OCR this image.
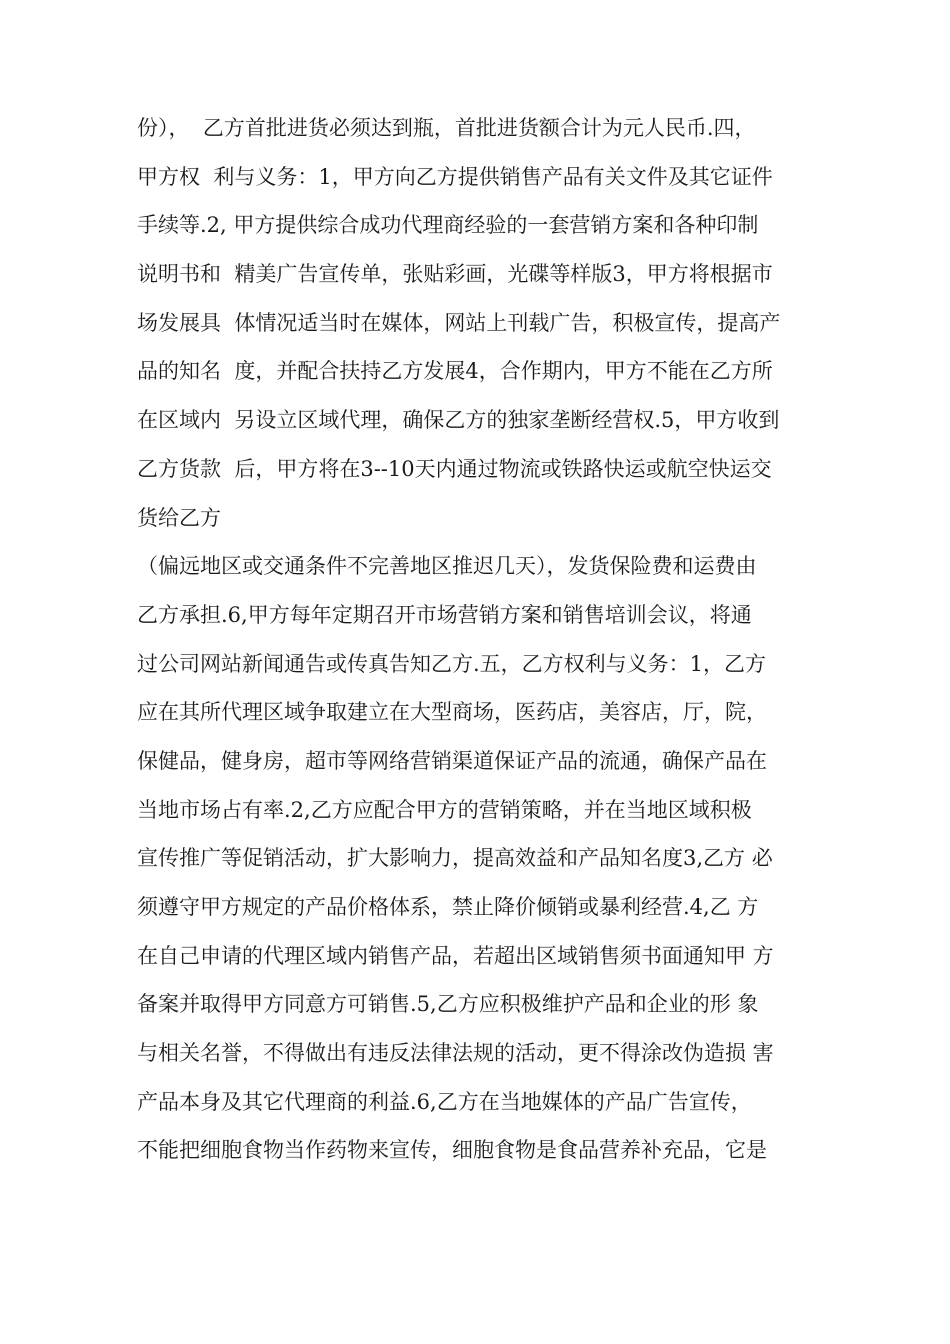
份），  乙方首批进货必须达到瓶，首批进货额合计为元人民币.四，
甲方权  利与义务：1，甲方向乙方提供销售产品有关文件及其它证件
手续等.2, 甲方提供综合成功代理商经验的一套营销方案和各种印制
说明书和  精美广告宣传单，张贴彩画，光碟等样版3，甲方将根据市
场发展具  体情况适当时在媒体，网站上刊载广告，积极宣传，提高产
品的知名  度，并配合扶持乙方发展4，合作期内，甲方不能在乙方所
在区域内  另设立区域代理，确保乙方的独家垄断经营权.5，甲方收到
乙方货款  后，甲方将在3--10天内通过物流或铁路快运或航空快运交
货给乙方
（偏远地区或交通条件不完善地区推迟几天），发货保险费和运费由
乙方承担.6,甲方每年定期召开市场营销方案和销售培训会议，将通
过公司网站新闻通告或传真告知乙方.五，乙方权利与义务：1，乙方
应在其所代理区域争取建立在大型商场，医药店，美容店，厅，院，
保健品，健身房，超市等网络营销渠道保证产品的流通，确保产品在
当地市场占有率.2,乙方应配合甲方的营销策略，并在当地区域积极
宣传推广等促销活动，扩大影响力，提高效益和产品知名度3,乙方 必
须遵守甲方规定的产品价格体系，禁止降价倾销或暴利经营.4,乙 方
在自己申请的代理区域内销售产品，若超出区域销售须书面通知甲 方
备案并取得甲方同意方可销售.5,乙方应积极维护产品和企业的形 象
与相关名誉，不得做出有违反法律法规的活动，更不得涂改伪造损 害
产品本身及其它代理商的利益.6,乙方在当地媒体的产品广告宣传，
不能把细胞食物当作药物来宣传，细胞食物是食品营养补充品，它是
